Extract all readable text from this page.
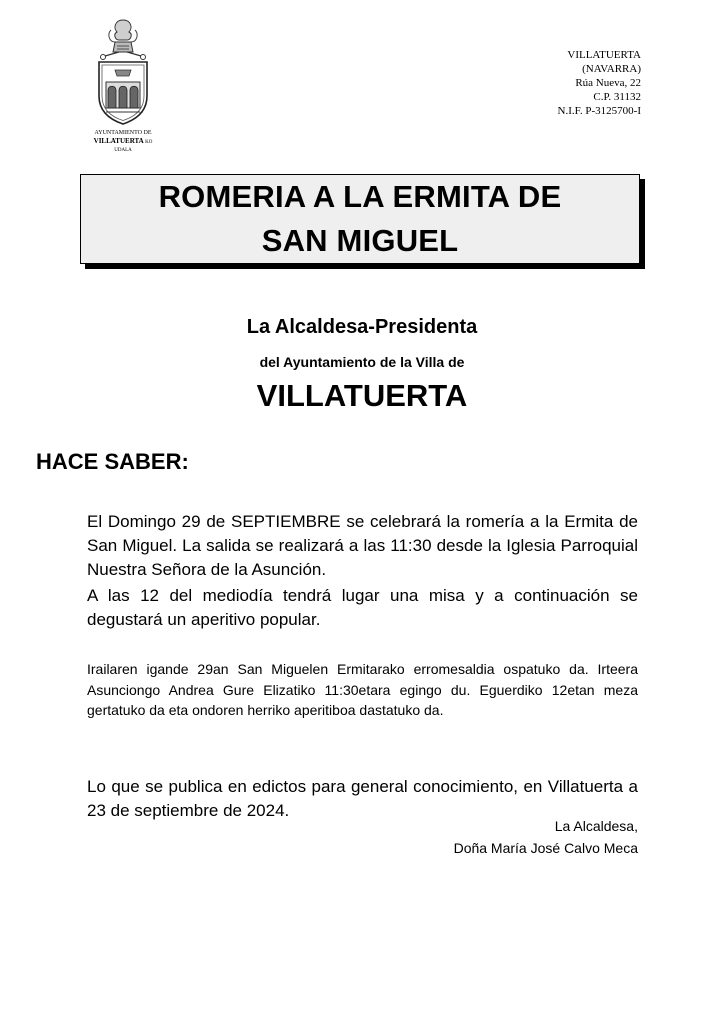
AYUNTAMIENTO DE
VILLATUERTA KO
UDALA
VILLATUERTA
(NAVARRA)
Rúa Nueva, 22
C.P. 31132
N.I.F. P-3125700-I
ROMERIA A LA ERMITA DE
SAN MIGUEL
La Alcaldesa-Presidenta
del Ayuntamiento de la Villa de
VILLATUERTA
HACE SABER:
El Domingo 29 de SEPTIEMBRE se celebrará la romería a la Ermita de San Miguel. La salida se realizará a las 11:30 desde la Iglesia Parroquial Nuestra Señora de la Asunción.
A las 12 del mediodía tendrá lugar una misa y a continuación se degustará un aperitivo popular.
Irailaren igande 29an San Miguelen Ermitarako erromesaldia ospatuko da. Irteera Asunciongo Andrea Gure Elizatiko 11:30etara egingo du. Eguerdiko 12etan meza gertatuko da eta ondoren herriko aperitiboa dastatuko da.
Lo que se publica en edictos para general conocimiento, en Villatuerta a 23 de septiembre de 2024.
La Alcaldesa,
Doña María José Calvo Meca
